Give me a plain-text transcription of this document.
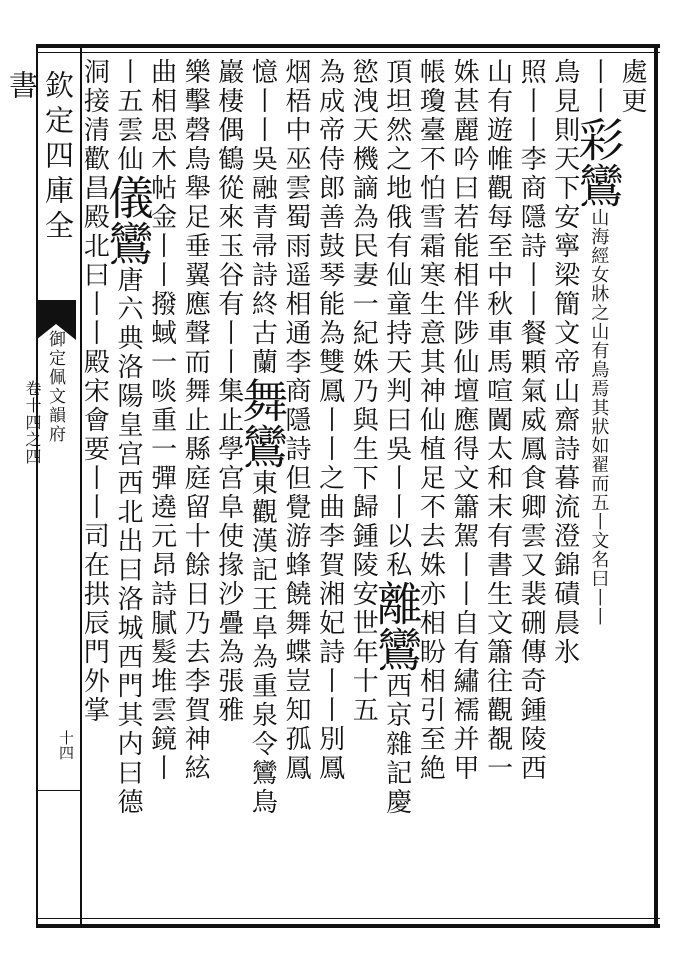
欽定四庫全書
御定佩文韻府
卷十四之四
十四
處更
丨丨彩鸞山海經女牀之山有鳥焉其狀如翟而五丨文名曰丨丨
鳥見則天下安寧梁簡文帝山齋詩暮流澄錦磧晨氷
照丨丨李商隱詩丨丨餐顆氣威鳳食卿雲又裴硎傳奇鍾陵西
山有遊帷觀每至中秋車馬喧闐太和末有書生文簫往觀覩一
姝甚麗吟曰若能相伴陟仙壇應得文簫駕丨丨自有繡襦并甲
帳瓊臺不怕雪霜寒生意其神仙植足不去姝亦相盼相引至絶
頂坦然之地俄有仙童持天判曰吳丨丨以私離鸞西京雜記慶
慾洩天機謫為民妻一紀姝乃與生下歸鍾陵安世年十五
為成帝侍郎善鼓琴能為雙鳳丨丨之曲李賀湘妃詩丨丨別鳳
烟梧中巫雲蜀雨遥相通李商隱詩但覺游蜂饒舞蝶豈知孤鳳
憶丨丨吳融青帚詩終古蘭舞鸞東觀漢記王阜為重泉令鸞鳥
巖棲偶鶴從來玉谷有丨丨集止學宫阜使掾沙疊為張雅
樂擊磬鳥舉足垂翼應聲而舞止縣庭留十餘日乃去李賀神絃
曲相思木帖金丨丨撥蜮一啖重一彈遶元昂詩膩髮堆雲鏡丨
丨五雲仙儀鸞唐六典洛陽皇宫西北出曰洛城西門其内曰德
洞接清歡昌殿北曰丨丨殿宋會要丨丨司在拱辰門外掌
